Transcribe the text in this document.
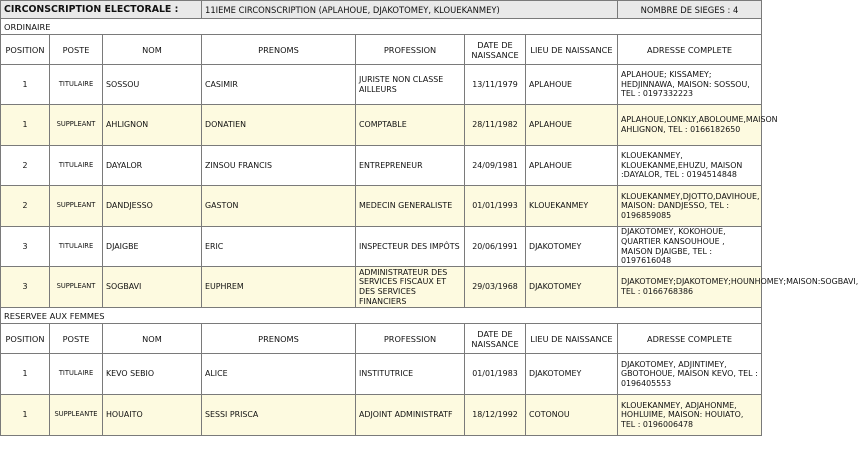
CIRCONSCRIPTION ELECTORALE :			11IEME CIRCONSCRIPTION (APLAHOUE, DJAKOTOMEY, KLOUEKANMEY)				NOMBRE DE SIEGES : 4
ORDINAIRE							
POSITION	POSTE	NOM	PRENOMS	PROFESSION	DATE DE NAISSANCE	LIEU DE NAISSANCE	ADRESSE COMPLETE
1	TITULAIRE	SOSSOU	CASIMIR	JURISTE NON CLASSE AILLEURS	13/11/1979	APLAHOUE	APLAHOUE; KISSAMEY; HEDJINNAWA, MAISON: SOSSOU, TEL : 0197332223
1	SUPPLEANT	AHLIGNON	DONATIEN	COMPTABLE	28/11/1982	APLAHOUE	APLAHOUE,LONKLY,ABOLOUME,MAISON AHLIGNON, TEL : 0166182650
2	TITULAIRE	DAYALOR	ZINSOU FRANCIS	ENTREPRENEUR	24/09/1981	APLAHOUE	KLOUEKANMEY, KLOUEKANME,EHUZU, MAISON :DAYALOR, TEL : 0194514848
2	SUPPLEANT	DANDJESSO	GASTON	MEDECIN GENERALISTE	01/01/1993	KLOUEKANMEY	KLOUEKANMEY,DJOTTO,DAVIHOUE, MAISON: DANDJESSO, TEL : 0196859085
3	TITULAIRE	DJAIGBE	ERIC	INSPECTEUR DES IMPÔTS	20/06/1991	DJAKOTOMEY	DJAKOTOMEY, KOKOHOUE, QUARTIER KANSOUHOUE , MAISON DJAIGBE, TEL : 0197616048
3	SUPPLEANT	SOGBAVI	EUPHREM	ADMINISTRATEUR DES SERVICES FISCAUX ET DES SERVICES FINANCIERS	29/03/1968	DJAKOTOMEY	DJAKOTOMEY;DJAKOTOMEY;HOUNHOMEY;MAISON:SOGBAVI, TEL : 0166768386
RESERVEE AUX FEMMES							
POSITION	POSTE	NOM	PRENOMS	PROFESSION	DATE DE NAISSANCE	LIEU DE NAISSANCE	ADRESSE COMPLETE
1	TITULAIRE	KEVO SEBIO	ALICE	INSTITUTRICE	01/01/1983	DJAKOTOMEY	DJAKOTOMEY, ADJINTIMEY, GBOTOHOUE, MAISON KEVO, TEL : 0196405553
1	SUPPLEANTE	HOUAITO	SESSI PRISCA	ADJOINT ADMINISTRATF	18/12/1992	COTONOU	KLOUEKANMEY, ADJAHONME, HOHLUIME, MAISON: HOUIATO, TEL : 0196006478
